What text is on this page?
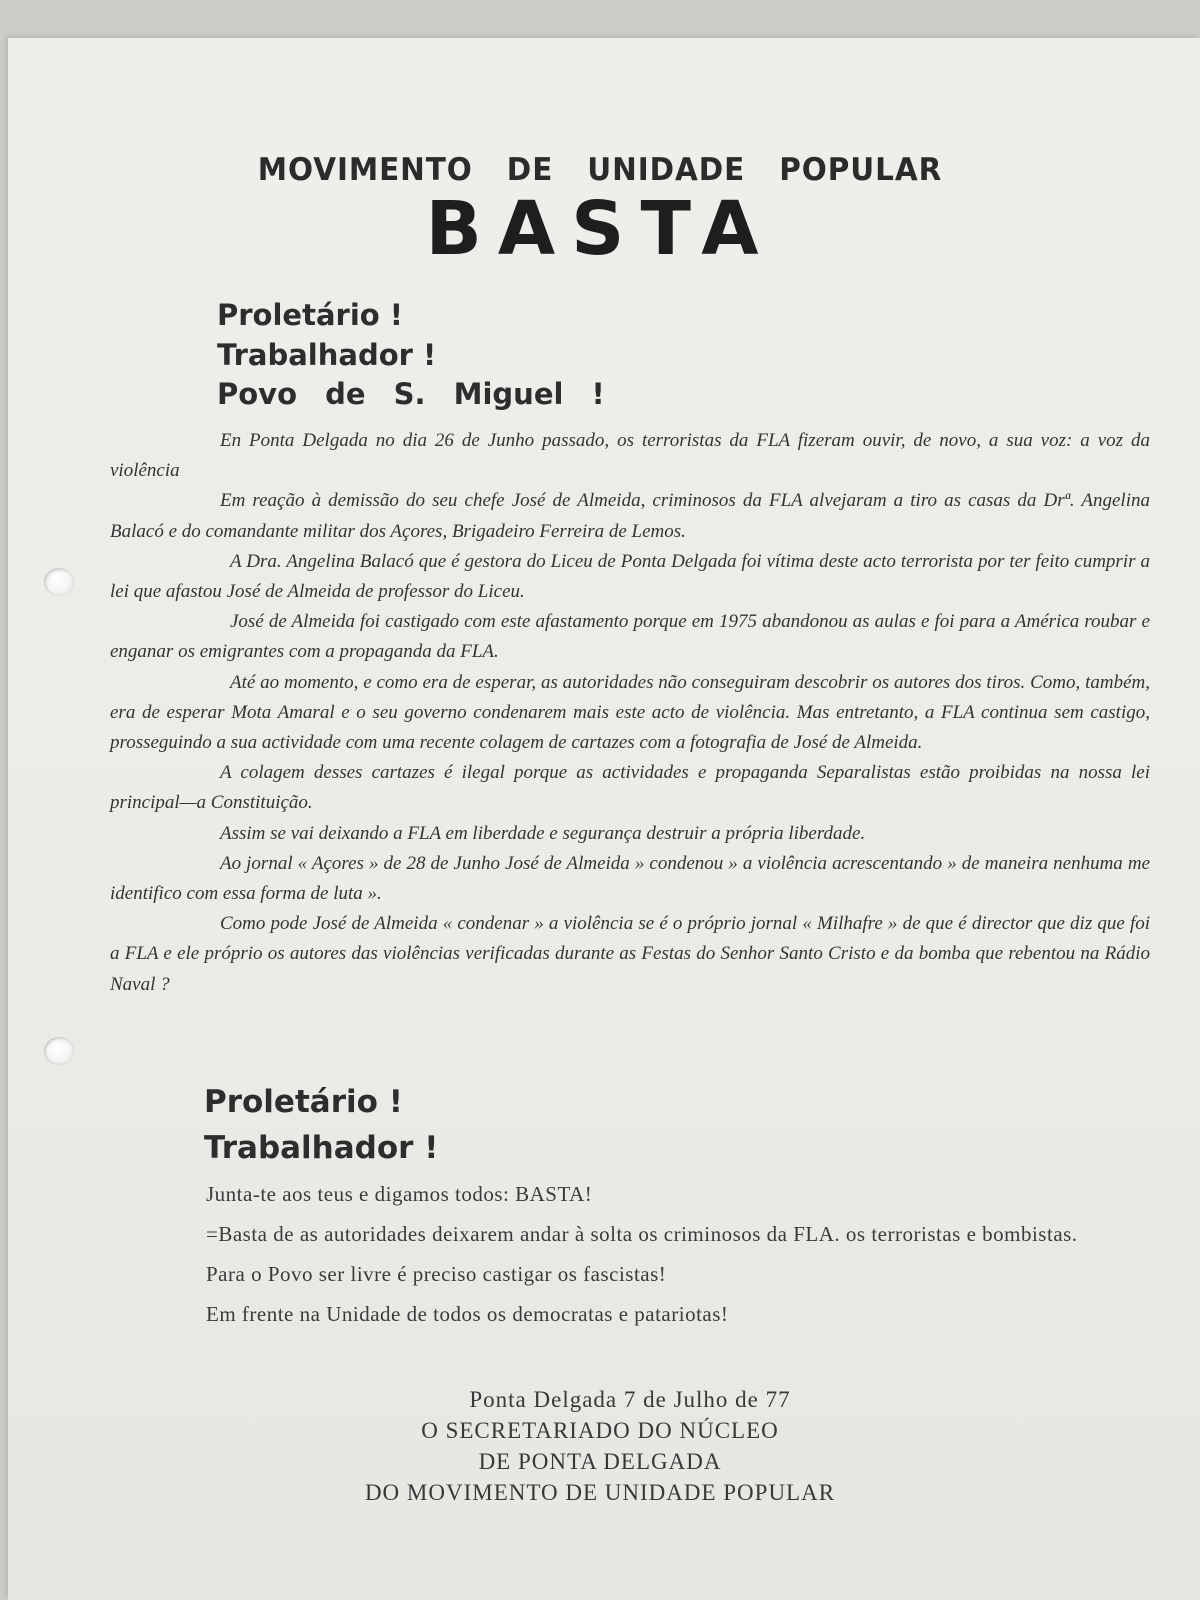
MOVIMENTO DE UNIDADE POPULAR
BASTA
Proletário !
Trabalhador !
Povo de S. Miguel !

En Ponta Delgada no dia 26 de Junho passado, os terroristas da FLA fizeram ouvir, de novo, a sua voz: a voz da violência

Em reação à demissão do seu chefe José de Almeida, criminosos da FLA alvejaram a tiro as casas da Drª. Angelina Balacó e do comandante militar dos Açores, Brigadeiro Ferreira de Lemos.

A Dra. Angelina Balacó que é gestora do Liceu de Ponta Delgada foi vítima deste acto terrorista por ter feito cumprir a lei que afastou José de Almeida de professor do Liceu.

José de Almeida foi castigado com este afastamento porque em 1975 abandonou as aulas e foi para a América roubar e enganar os emigrantes com a propaganda da FLA.

Até ao momento, e como era de esperar, as autoridades não conseguiram descobrir os autores dos tiros. Como, também, era de esperar Mota Amaral e o seu governo condenarem mais este acto de violência. Mas entretanto, a FLA continua sem castigo, prosseguindo a sua actividade com uma recente colagem de cartazes com a fotografia de José de Almeida.

A colagem desses cartazes é ilegal porque as actividades e propaganda Separalistas estão proibidas na nossa lei principal—a Constituição.

Assim se vai deixando a FLA em liberdade e segurança destruir a própria liberdade.

Ao jornal « Açores » de 28 de Junho José de Almeida » condenou » a violência acrescentando » de maneira nenhuma me identifico com essa forma de luta ».

Como pode José de Almeida « condenar » a violência se é o próprio jornal « Milhafre » de que é director que diz que foi a FLA e ele próprio os autores das violências verificadas durante as Festas do Senhor Santo Cristo e da bomba que rebentou na Rádio Naval ?

Proletário !
Trabalhador !

Junta-te aos teus e digamos todos: BASTA!

=Basta de as autoridades deixarem andar à solta os criminosos da FLA. os terroristas e bombistas.

Para o Povo ser livre é preciso castigar os fascistas!

Em frente na Unidade de todos os democratas e patariotas!

Ponta Delgada 7 de Julho de 77
O SECRETARIADO DO NÚCLEO
DE PONTA DELGADA
DO MOVIMENTO DE UNIDADE POPULAR
